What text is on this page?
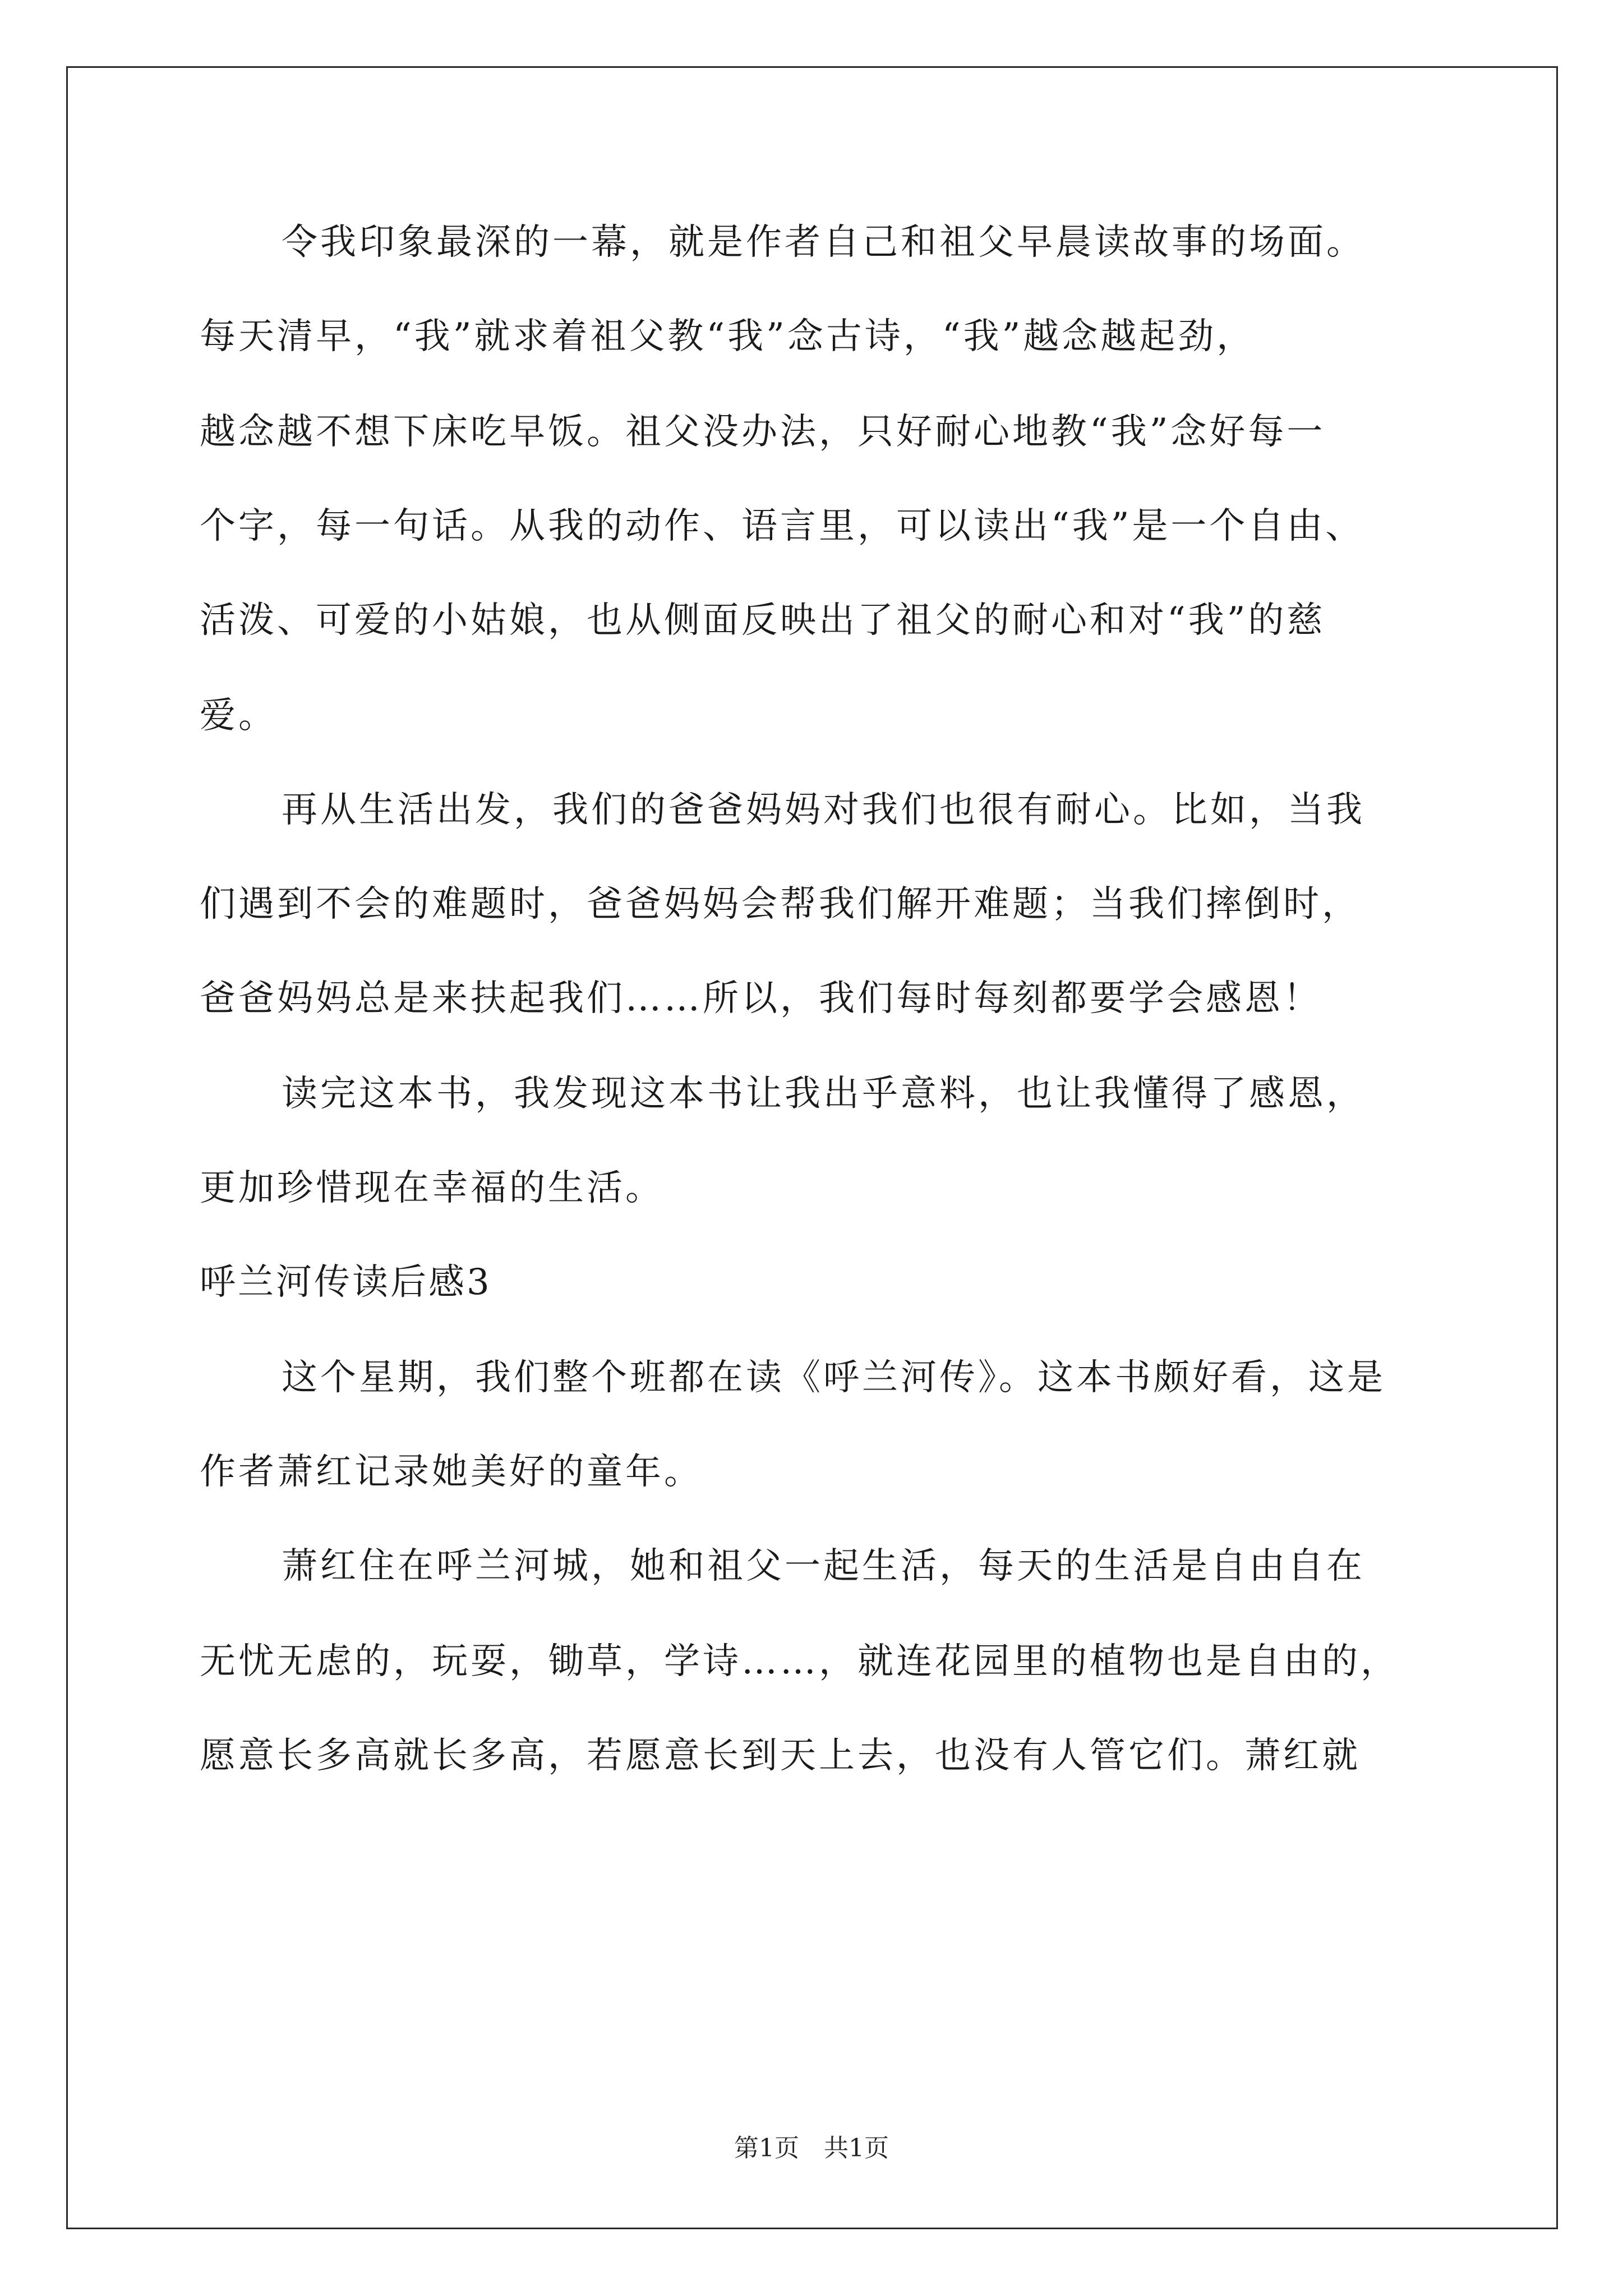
令我印象最深的一幕，就是作者自己和祖父早晨读故事的场面。
每天清早，“我”就求着祖父教“我”念古诗，“我”越念越起劲，
越念越不想下床吃早饭。祖父没办法，只好耐心地教“我”念好每一
个字，每一句话。从我的动作、语言里，可以读出“我”是一个自由、
活泼、可爱的小姑娘，也从侧面反映出了祖父的耐心和对“我”的慈
爱。
再从生活出发，我们的爸爸妈妈对我们也很有耐心。比如，当我
们遇到不会的难题时，爸爸妈妈会帮我们解开难题；当我们摔倒时，
爸爸妈妈总是来扶起我们……所以，我们每时每刻都要学会感恩！
读完这本书，我发现这本书让我出乎意料，也让我懂得了感恩，
更加珍惜现在幸福的生活。
呼兰河传读后感3
这个星期，我们整个班都在读《呼兰河传》。这本书颇好看，这是
作者萧红记录她美好的童年。
萧红住在呼兰河城，她和祖父一起生活，每天的生活是自由自在
无忧无虑的，玩耍，锄草，学诗……，就连花园里的植物也是自由的，
愿意长多高就长多高，若愿意长到天上去，也没有人管它们。萧红就
第1页　共1页
